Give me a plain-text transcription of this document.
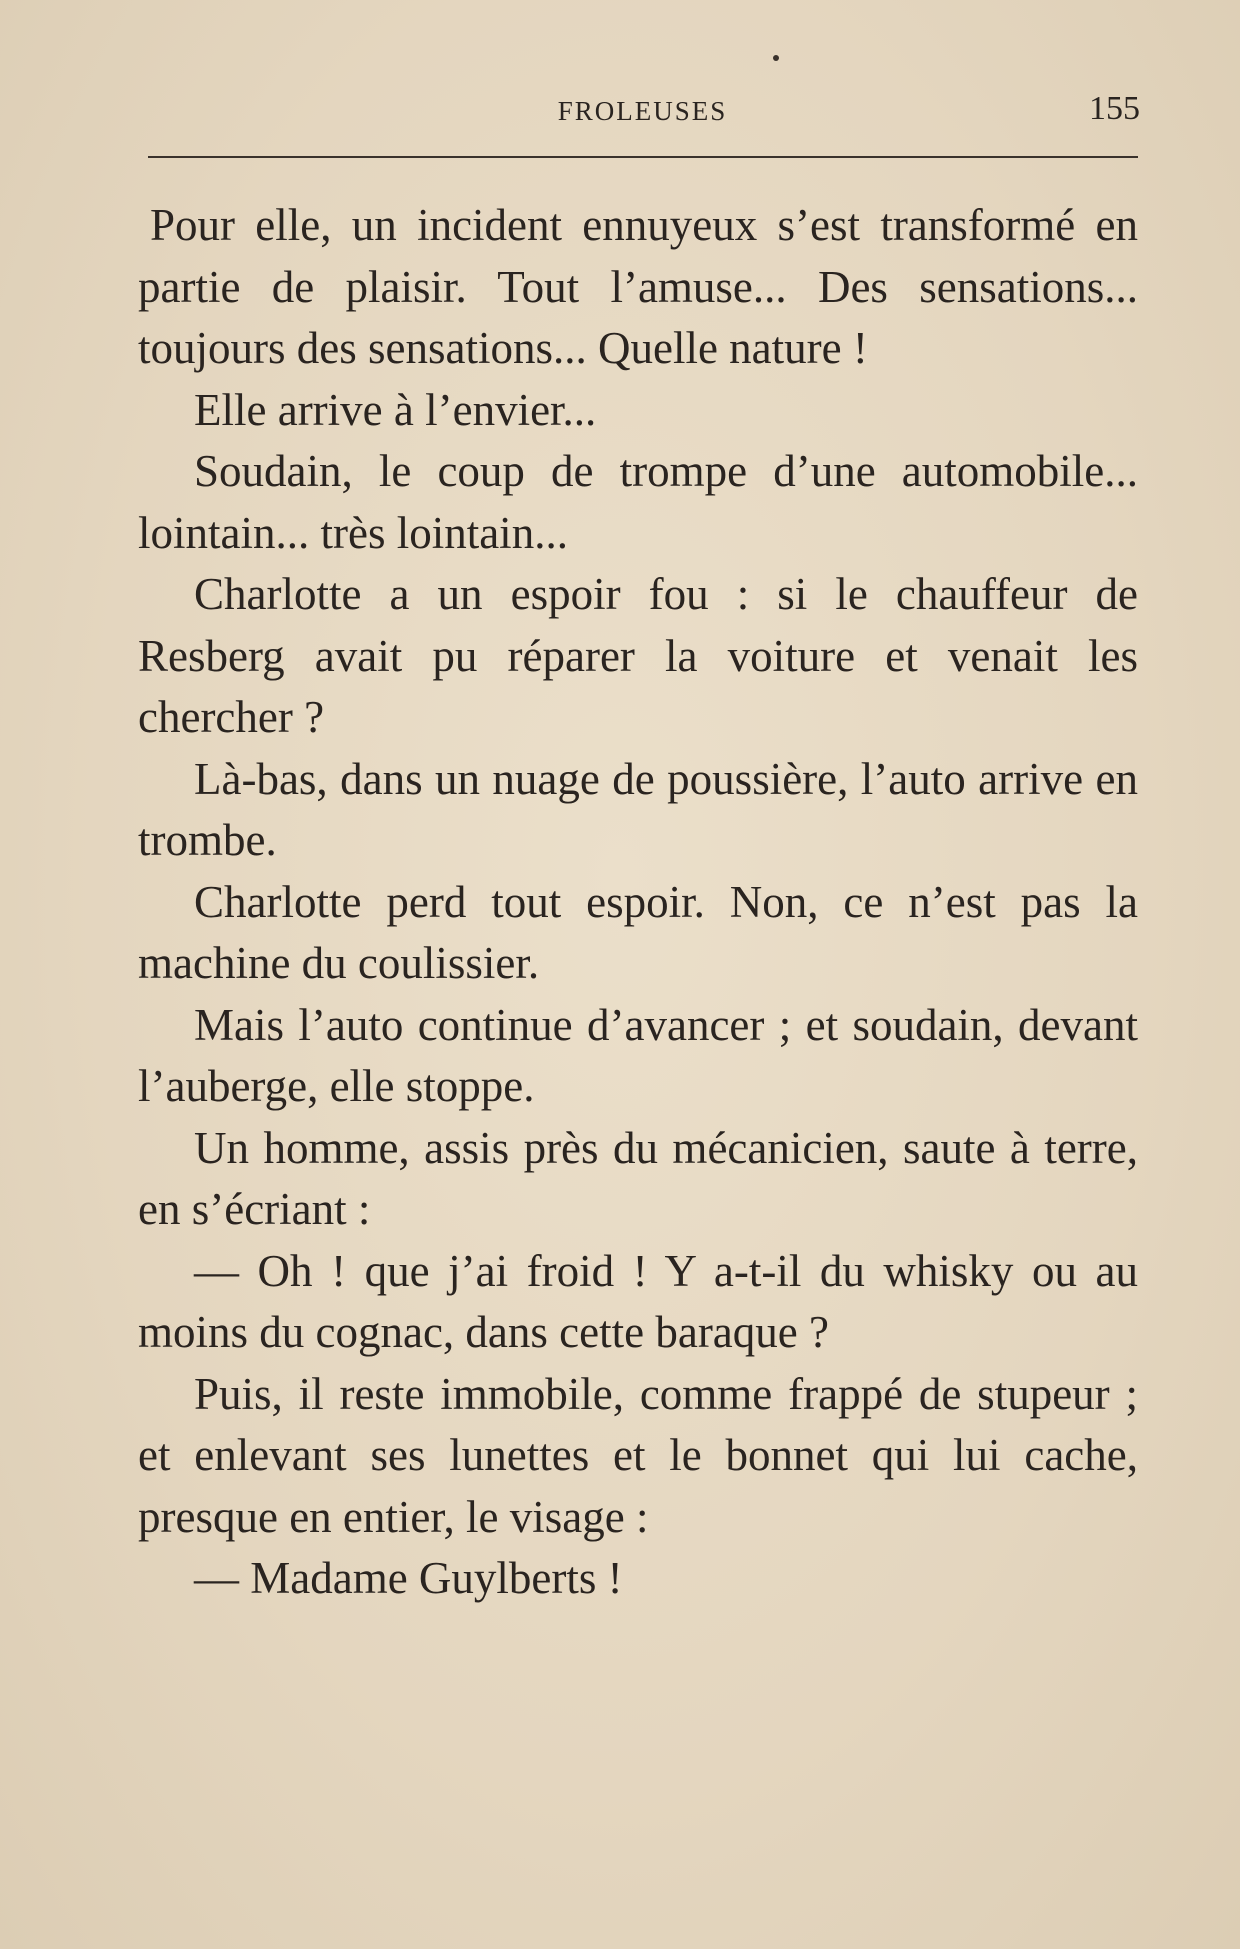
FROLEUSES	155

Pour elle, un incident ennuyeux s’est transformé en partie de plaisir. Tout l’amuse... Des sensations... toujours des sensations... Quelle nature !

Elle arrive à l’envier...

Soudain, le coup de trompe d’une automobile... lointain... très lointain...

Charlotte a un espoir fou : si le chauffeur de Resberg avait pu réparer la voiture et venait les chercher ?

Là-bas, dans un nuage de poussière, l’auto arrive en trombe.

Charlotte perd tout espoir. Non, ce n’est pas la machine du coulissier.

Mais l’auto continue d’avancer ; et soudain, devant l’auberge, elle stoppe.

Un homme, assis près du mécanicien, saute à terre, en s’écriant :

— Oh ! que j’ai froid ! Y a-t-il du whisky ou au moins du cognac, dans cette baraque ?

Puis, il reste immobile, comme frappé de stupeur ; et enlevant ses lunettes et le bonnet qui lui cache, presque en entier, le visage :

— Madame Guylberts !
